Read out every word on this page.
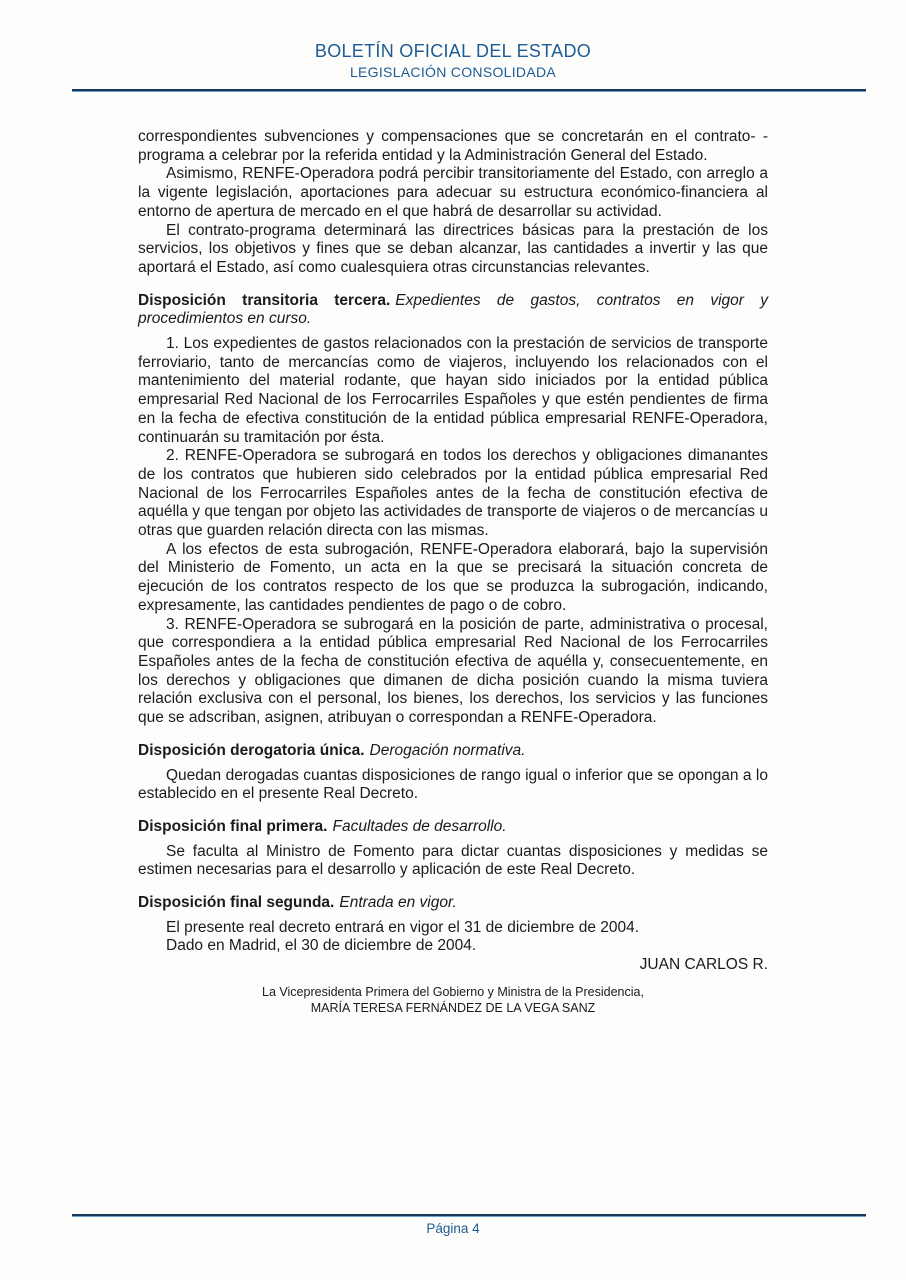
BOLETÍN OFICIAL DEL ESTADO
LEGISLACIÓN CONSOLIDADA

correspondientes subvenciones y compensaciones que se concretarán en el contrato- -programa a celebrar por la referida entidad y la Administración General del Estado.

Asimismo, RENFE-Operadora podrá percibir transitoriamente del Estado, con arreglo a la vigente legislación, aportaciones para adecuar su estructura económico-financiera al entorno de apertura de mercado en el que habrá de desarrollar su actividad.

El contrato-programa determinará las directrices básicas para la prestación de los servicios, los objetivos y fines que se deban alcanzar, las cantidades a invertir y las que aportará el Estado, así como cualesquiera otras circunstancias relevantes.

Disposición transitoria tercera. Expedientes de gastos, contratos en vigor y procedimientos en curso.

1. Los expedientes de gastos relacionados con la prestación de servicios de transporte ferroviario, tanto de mercancías como de viajeros, incluyendo los relacionados con el mantenimiento del material rodante, que hayan sido iniciados por la entidad pública empresarial Red Nacional de los Ferrocarriles Españoles y que estén pendientes de firma en la fecha de efectiva constitución de la entidad pública empresarial RENFE-Operadora, continuarán su tramitación por ésta.

2. RENFE-Operadora se subrogará en todos los derechos y obligaciones dimanantes de los contratos que hubieren sido celebrados por la entidad pública empresarial Red Nacional de los Ferrocarriles Españoles antes de la fecha de constitución efectiva de aquélla y que tengan por objeto las actividades de transporte de viajeros o de mercancías u otras que guarden relación directa con las mismas.

A los efectos de esta subrogación, RENFE-Operadora elaborará, bajo la supervisión del Ministerio de Fomento, un acta en la que se precisará la situación concreta de ejecución de los contratos respecto de los que se produzca la subrogación, indicando, expresamente, las cantidades pendientes de pago o de cobro.

3. RENFE-Operadora se subrogará en la posición de parte, administrativa o procesal, que correspondiera a la entidad pública empresarial Red Nacional de los Ferrocarriles Españoles antes de la fecha de constitución efectiva de aquélla y, consecuentemente, en los derechos y obligaciones que dimanen de dicha posición cuando la misma tuviera relación exclusiva con el personal, los bienes, los derechos, los servicios y las funciones que se adscriban, asignen, atribuyan o correspondan a RENFE-Operadora.

Disposición derogatoria única. Derogación normativa.

Quedan derogadas cuantas disposiciones de rango igual o inferior que se opongan a lo establecido en el presente Real Decreto.

Disposición final primera. Facultades de desarrollo.

Se faculta al Ministro de Fomento para dictar cuantas disposiciones y medidas se estimen necesarias para el desarrollo y aplicación de este Real Decreto.

Disposición final segunda. Entrada en vigor.

El presente real decreto entrará en vigor el 31 de diciembre de 2004.

Dado en Madrid, el 30 de diciembre de 2004.

JUAN CARLOS R.

La Vicepresidenta Primera del Gobierno y Ministra de la Presidencia,
MARÍA TERESA FERNÁNDEZ DE LA VEGA SANZ
Página 4
